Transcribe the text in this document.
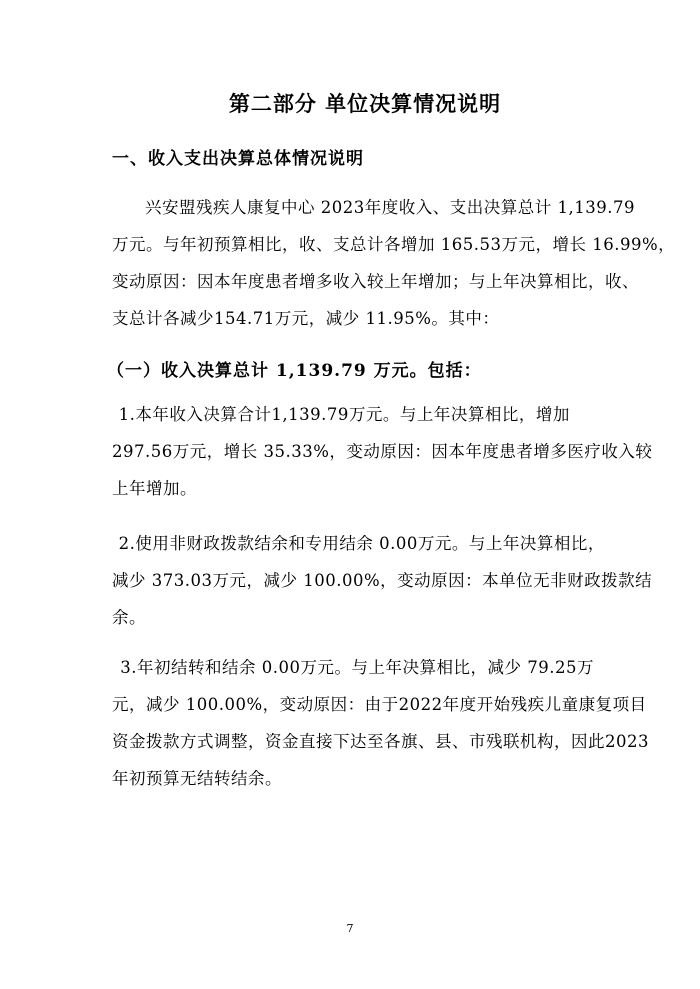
第二部分 单位决算情况说明
一、收入支出决算总体情况说明
兴安盟残疾人康复中心 2023年度收入、支出决算总计 1,139.79
万元。与年初预算相比，收、支总计各增加 165.53万元，增长 16.99%，
变动原因：因本年度患者增多收入较上年增加；与上年决算相比，收、
支总计各减少154.71万元，减少 11.95%。其中：
（一）收入决算总计 1,139.79 万元。包括：
1.本年收入决算合计1,139.79万元。与上年决算相比，增加
297.56万元，增长 35.33%，变动原因：因本年度患者增多医疗收入较
上年增加。
2.使用非财政拨款结余和专用结余 0.00万元。与上年决算相比，
减少 373.03万元，减少 100.00%，变动原因：本单位无非财政拨款结
余。
3.年初结转和结余 0.00万元。与上年决算相比，减少 79.25万
元，减少 100.00%，变动原因：由于2022年度开始残疾儿童康复项目
资金拨款方式调整，资金直接下达至各旗、县、市残联机构，因此2023
年初预算无结转结余。
7
